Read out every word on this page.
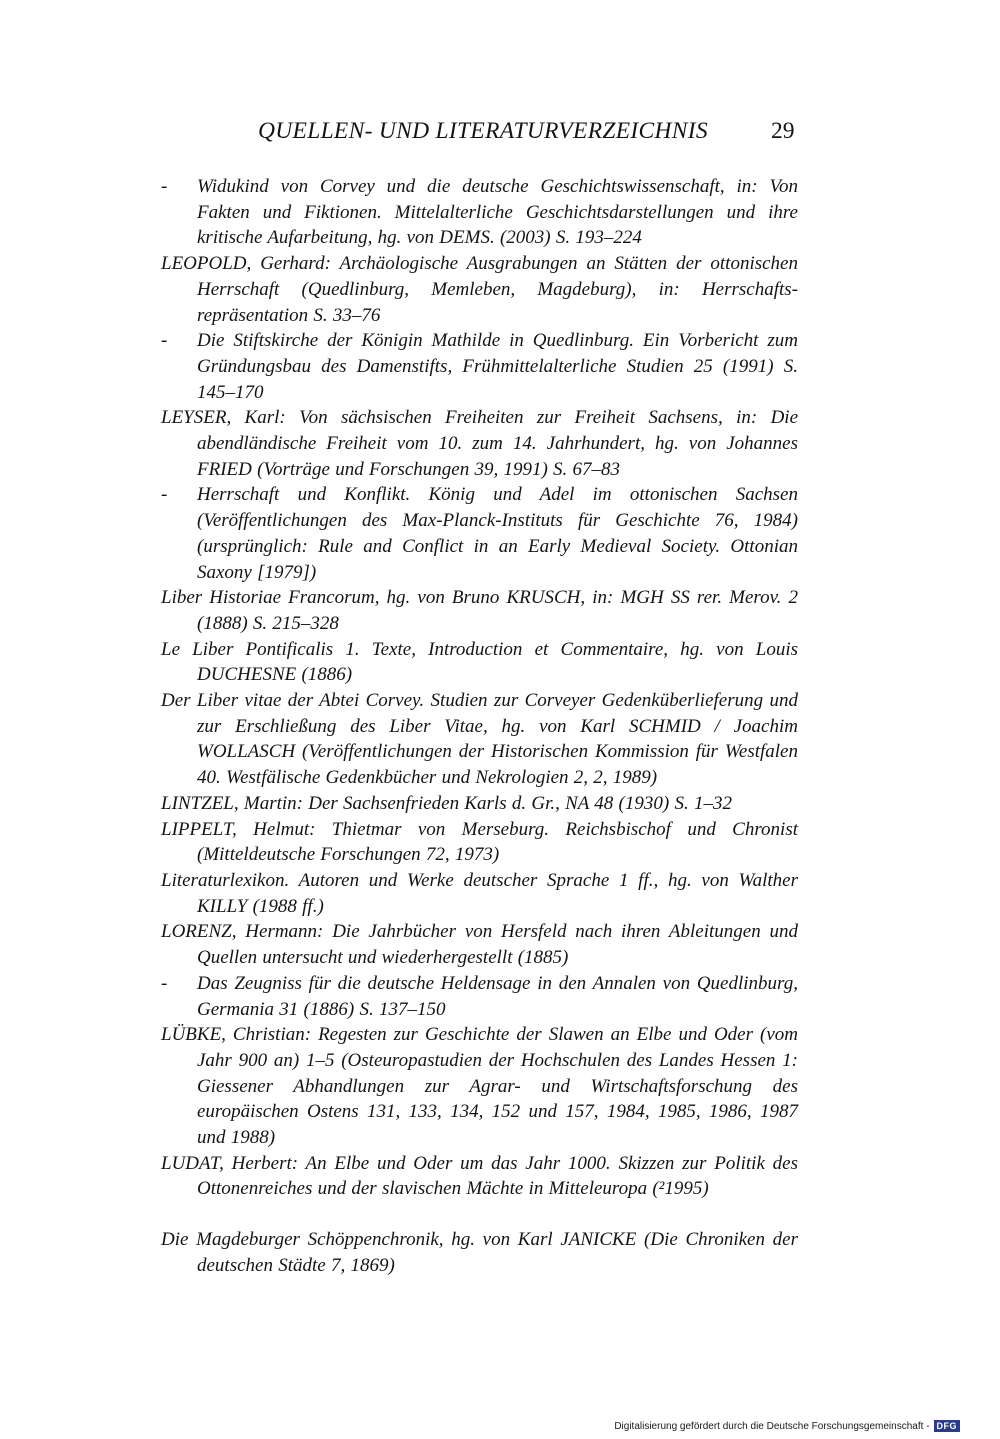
QUELLEN- UND LITERATURVERZEICHNIS	29
- Widukind von Corvey und die deutsche Geschichtswissenschaft, in: Von Fakten und Fiktionen. Mittelalterliche Geschichtsdarstellungen und ihre kritische Aufarbeitung, hg. von DEMS. (2003) S. 193–224
LEOPOLD, Gerhard: Archäologische Ausgrabungen an Stätten der ottonischen Herrschaft (Quedlinburg, Memleben, Magdeburg), in: Herrschaftsrepräsentation S. 33–76
- Die Stiftskirche der Königin Mathilde in Quedlinburg. Ein Vorbericht zum Gründungsbau des Damenstifts, Frühmittelalterliche Studien 25 (1991) S. 145–170
LEYSER, Karl: Von sächsischen Freiheiten zur Freiheit Sachsens, in: Die abendländische Freiheit vom 10. zum 14. Jahrhundert, hg. von Johannes FRIED (Vorträge und Forschungen 39, 1991) S. 67–83
- Herrschaft und Konflikt. König und Adel im ottonischen Sachsen (Veröffentlichungen des Max-Planck-Instituts für Geschichte 76, 1984) (ursprünglich: Rule and Conflict in an Early Medieval Society. Ottonian Saxony [1979])
Liber Historiae Francorum, hg. von Bruno KRUSCH, in: MGH SS rer. Merov. 2 (1888) S. 215–328
Le Liber Pontificalis 1. Texte, Introduction et Commentaire, hg. von Louis DUCHESNE (1886)
Der Liber vitae der Abtei Corvey. Studien zur Corveyer Gedenküberlieferung und zur Erschließung des Liber Vitae, hg. von Karl SCHMID / Joachim WOLLASCH (Veröffentlichungen der Historischen Kommission für Westfalen 40. Westfälische Gedenkbücher und Nekrologien 2, 2, 1989)
LINTZEL, Martin: Der Sachsenfrieden Karls d. Gr., NA 48 (1930) S. 1–32
LIPPELT, Helmut: Thietmar von Merseburg. Reichsbischof und Chronist (Mitteldeutsche Forschungen 72, 1973)
Literaturlexikon. Autoren und Werke deutscher Sprache 1 ff., hg. von Walther KILLY (1988 ff.)
LORENZ, Hermann: Die Jahrbücher von Hersfeld nach ihren Ableitungen und Quellen untersucht und wiederhergestellt (1885)
- Das Zeugniss für die deutsche Heldensage in den Annalen von Quedlinburg, Germania 31 (1886) S. 137–150
LÜBKE, Christian: Regesten zur Geschichte der Slawen an Elbe und Oder (vom Jahr 900 an) 1–5 (Osteuropastudien der Hochschulen des Landes Hessen 1: Giessener Abhandlungen zur Agrar- und Wirtschaftsforschung des europäischen Ostens 131, 133, 134, 152 und 157, 1984, 1985, 1986, 1987 und 1988)
LUDAT, Herbert: An Elbe und Oder um das Jahr 1000. Skizzen zur Politik des Ottonenreiches und der slavischen Mächte in Mitteleuropa (²1995)
Die Magdeburger Schöppenchronik, hg. von Karl JANICKE (Die Chroniken der deutschen Städte 7, 1869)
Digitalisierung gefördert durch die Deutsche Forschungsgemeinschaft - DFG
